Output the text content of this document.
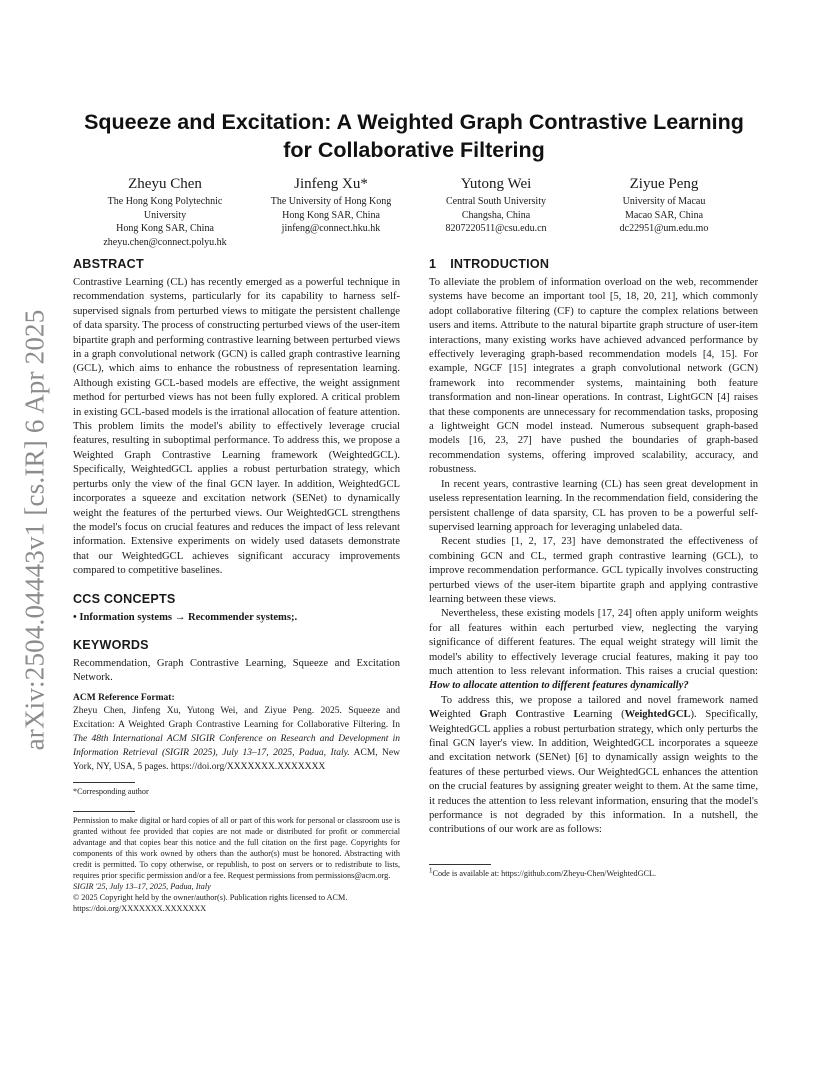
arXiv:2504.04443v1 [cs.IR] 6 Apr 2025
Squeeze and Excitation: A Weighted Graph Contrastive Learning
for Collaborative Filtering
Zheyu Chen
The Hong Kong Polytechnic
University
Hong Kong SAR, China
zheyu.chen@connect.polyu.hk
Jinfeng Xu*
The University of Hong Kong
Hong Kong SAR, China
jinfeng@connect.hku.hk
Yutong Wei
Central South University
Changsha, China
8207220511@csu.edu.cn
Ziyue Peng
University of Macau
Macao SAR, China
dc22951@um.edu.mo
ABSTRACT

Contrastive Learning (CL) has recently emerged as a powerful technique in recommendation systems, particularly for its capability to harness self-supervised signals from perturbed views to mitigate the persistent challenge of data sparsity. The process of constructing perturbed views of the user-item bipartite graph and performing contrastive learning between perturbed views in a graph convolutional network (GCN) is called graph contrastive learning (GCL), which aims to enhance the robustness of representation learning. Although existing GCL-based models are effective, the weight assignment method for perturbed views has not been fully explored. A critical problem in existing GCL-based models is the irrational allocation of feature attention. This problem limits the model's ability to effectively leverage crucial features, resulting in suboptimal performance. To address this, we propose a Weighted Graph Contrastive Learning framework (WeightedGCL). Specifically, WeightedGCL applies a robust perturbation strategy, which perturbs only the view of the final GCN layer. In addition, WeightedGCL incorporates a squeeze and excitation network (SENet) to dynamically weight the features of the perturbed views. Our WeightedGCL strengthens the model's focus on crucial features and reduces the impact of less relevant information. Extensive experiments on widely used datasets demonstrate that our WeightedGCL achieves significant accuracy improvements compared to competitive baselines.

CCS CONCEPTS

• Information systems → Recommender systems;.

KEYWORDS

Recommendation, Graph Contrastive Learning, Squeeze and Excitation Network.

ACM Reference Format:

Zheyu Chen, Jinfeng Xu, Yutong Wei, and Ziyue Peng. 2025. Squeeze and Excitation: A Weighted Graph Contrastive Learning for Collaborative Filtering. In The 48th International ACM SIGIR Conference on Research and Development in Information Retrieval (SIGIR 2025), July 13–17, 2025, Padua, Italy. ACM, New York, NY, USA, 5 pages. https://doi.org/XXXXXXX.XXXXXXX

*Corresponding author

Permission to make digital or hard copies of all or part of this work for personal or classroom use is granted without fee provided that copies are not made or distributed for profit or commercial advantage and that copies bear this notice and the full citation on the first page. Copyrights for components of this work owned by others than the author(s) must be honored. Abstracting with credit is permitted. To copy otherwise, or republish, to post on servers or to redistribute to lists, requires prior specific permission and/or a fee. Request permissions from permissions@acm.org.

SIGIR '25, July 13–17, 2025, Padua, Italy
© 2025 Copyright held by the owner/author(s). Publication rights licensed to ACM.
https://doi.org/XXXXXXX.XXXXXXX
1 INTRODUCTION

To alleviate the problem of information overload on the web, recommender systems have become an important tool [5, 18, 20, 21], which commonly adopt collaborative filtering (CF) to capture the complex relations between users and items. Attribute to the natural bipartite graph structure of user-item interactions, many existing works have achieved advanced performance by effectively leveraging graph-based recommendation models [4, 15]. For example, NGCF [15] integrates a graph convolutional network (GCN) framework into recommender systems, maintaining both feature transformation and non-linear operations. In contrast, LightGCN [4] raises that these components are unnecessary for recommendation tasks, proposing a lightweight GCN model instead. Numerous subsequent graph-based models [16, 23, 27] have pushed the boundaries of graph-based recommendation systems, offering improved scalability, accuracy, and robustness.

In recent years, contrastive learning (CL) has seen great development in useless representation learning. In the recommendation field, considering the persistent challenge of data sparsity, CL has proven to be a powerful self-supervised learning approach for leveraging unlabeled data.

Recent studies [1, 2, 17, 23] have demonstrated the effectiveness of combining GCN and CL, termed graph contrastive learning (GCL), to improve recommendation performance. GCL typically involves constructing perturbed views of the user-item bipartite graph and applying contrastive learning between these views.

Nevertheless, these existing models [17, 24] often apply uniform weights for all features within each perturbed view, neglecting the varying significance of different features. The equal weight strategy will limit the model's ability to effectively leverage crucial features, making it pay too much attention to less relevant information. This raises a crucial question: How to allocate attention to different features dynamically?

To address this, we propose a tailored and novel framework named Weighted Graph Contrastive Learning (WeightedGCL). Specifically, WeightedGCL applies a robust perturbation strategy, which only perturbs the final GCN layer's view. In addition, WeightedGCL incorporates a squeeze and excitation network (SENet) [6] to dynamically assign weights to the features of these perturbed views. Our WeightedGCL enhances the attention on the crucial features by assigning greater weight to them. At the same time, it reduces the attention to less relevant information, ensuring that the model's performance is not degraded by this information. In a nutshell, the contributions of our work are as follows:

$^1$Code is available at: https://github.com/Zheyu-Chen/WeightedGCL.
